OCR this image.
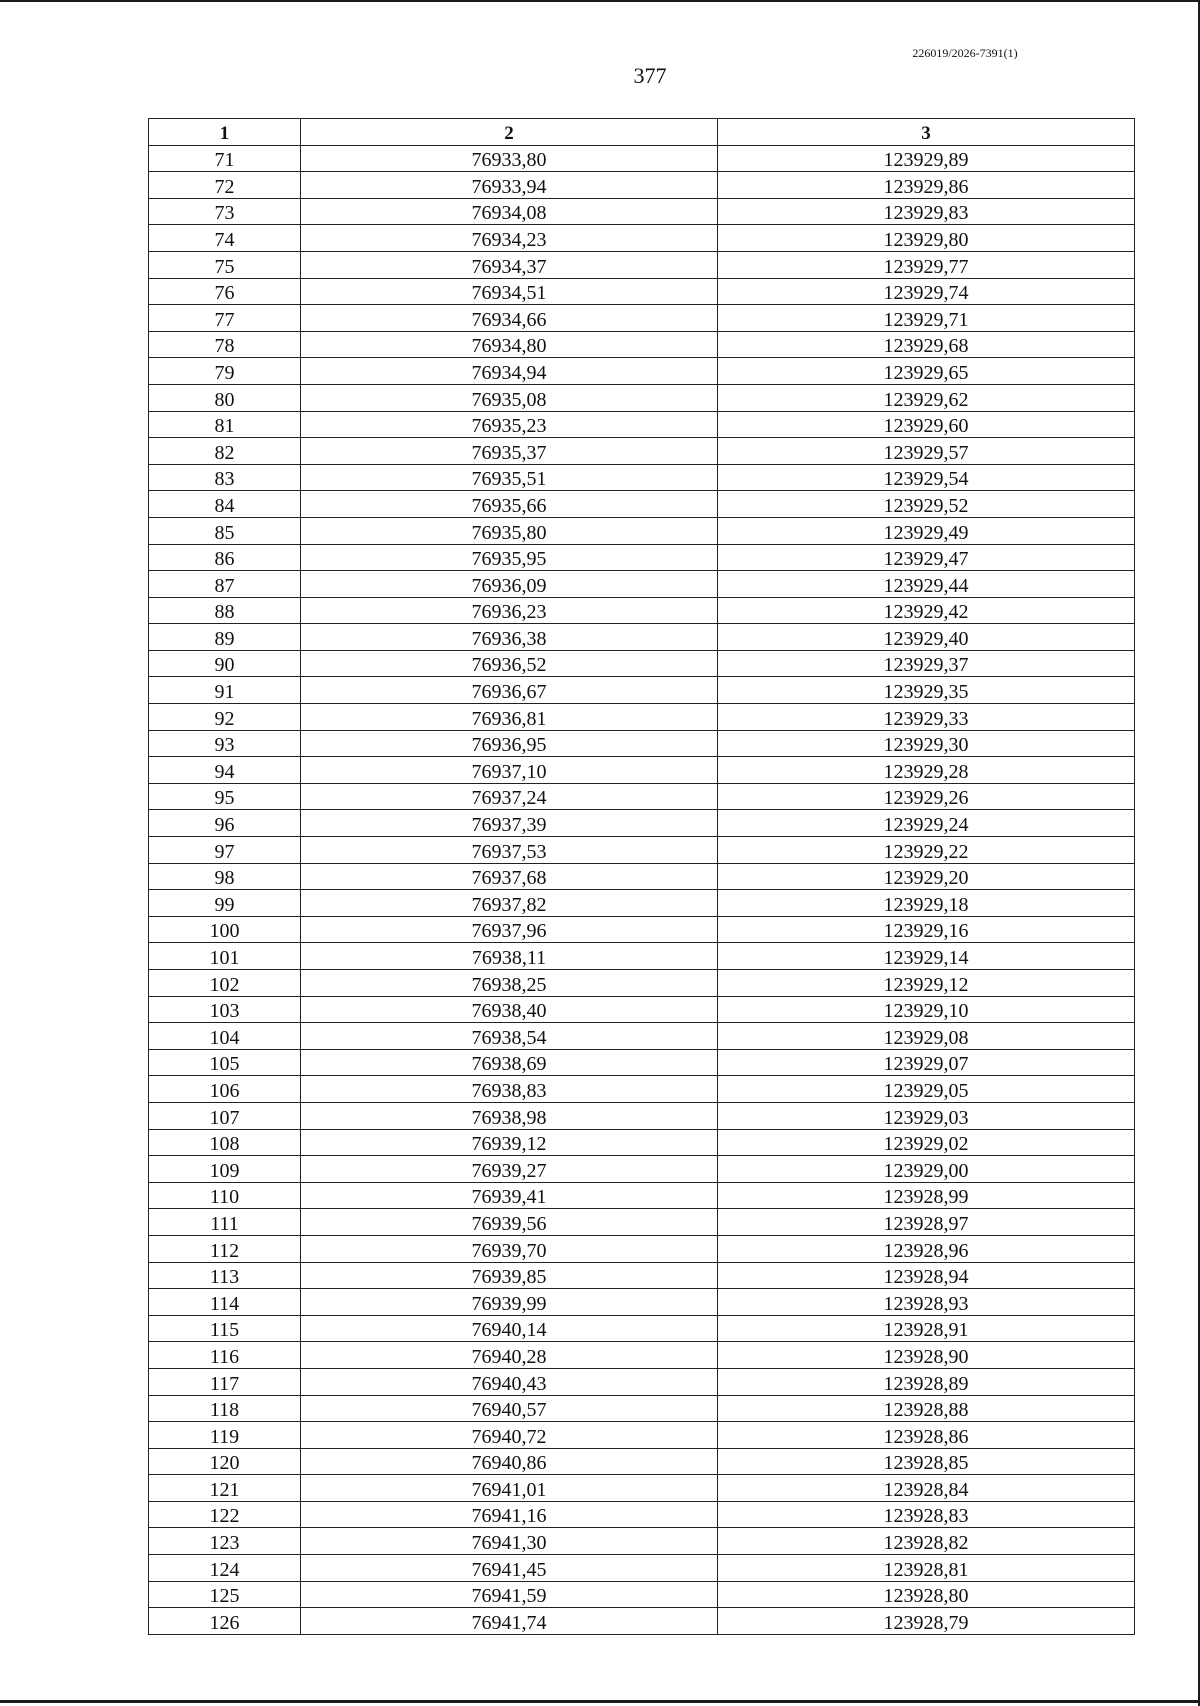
226019/2026-7391(1)
377
1	2	3
71	76933,80	123929,89
72	76933,94	123929,86
73	76934,08	123929,83
74	76934,23	123929,80
75	76934,37	123929,77
76	76934,51	123929,74
77	76934,66	123929,71
78	76934,80	123929,68
79	76934,94	123929,65
80	76935,08	123929,62
81	76935,23	123929,60
82	76935,37	123929,57
83	76935,51	123929,54
84	76935,66	123929,52
85	76935,80	123929,49
86	76935,95	123929,47
87	76936,09	123929,44
88	76936,23	123929,42
89	76936,38	123929,40
90	76936,52	123929,37
91	76936,67	123929,35
92	76936,81	123929,33
93	76936,95	123929,30
94	76937,10	123929,28
95	76937,24	123929,26
96	76937,39	123929,24
97	76937,53	123929,22
98	76937,68	123929,20
99	76937,82	123929,18
100	76937,96	123929,16
101	76938,11	123929,14
102	76938,25	123929,12
103	76938,40	123929,10
104	76938,54	123929,08
105	76938,69	123929,07
106	76938,83	123929,05
107	76938,98	123929,03
108	76939,12	123929,02
109	76939,27	123929,00
110	76939,41	123928,99
111	76939,56	123928,97
112	76939,70	123928,96
113	76939,85	123928,94
114	76939,99	123928,93
115	76940,14	123928,91
116	76940,28	123928,90
117	76940,43	123928,89
118	76940,57	123928,88
119	76940,72	123928,86
120	76940,86	123928,85
121	76941,01	123928,84
122	76941,16	123928,83
123	76941,30	123928,82
124	76941,45	123928,81
125	76941,59	123928,80
126	76941,74	123928,79
